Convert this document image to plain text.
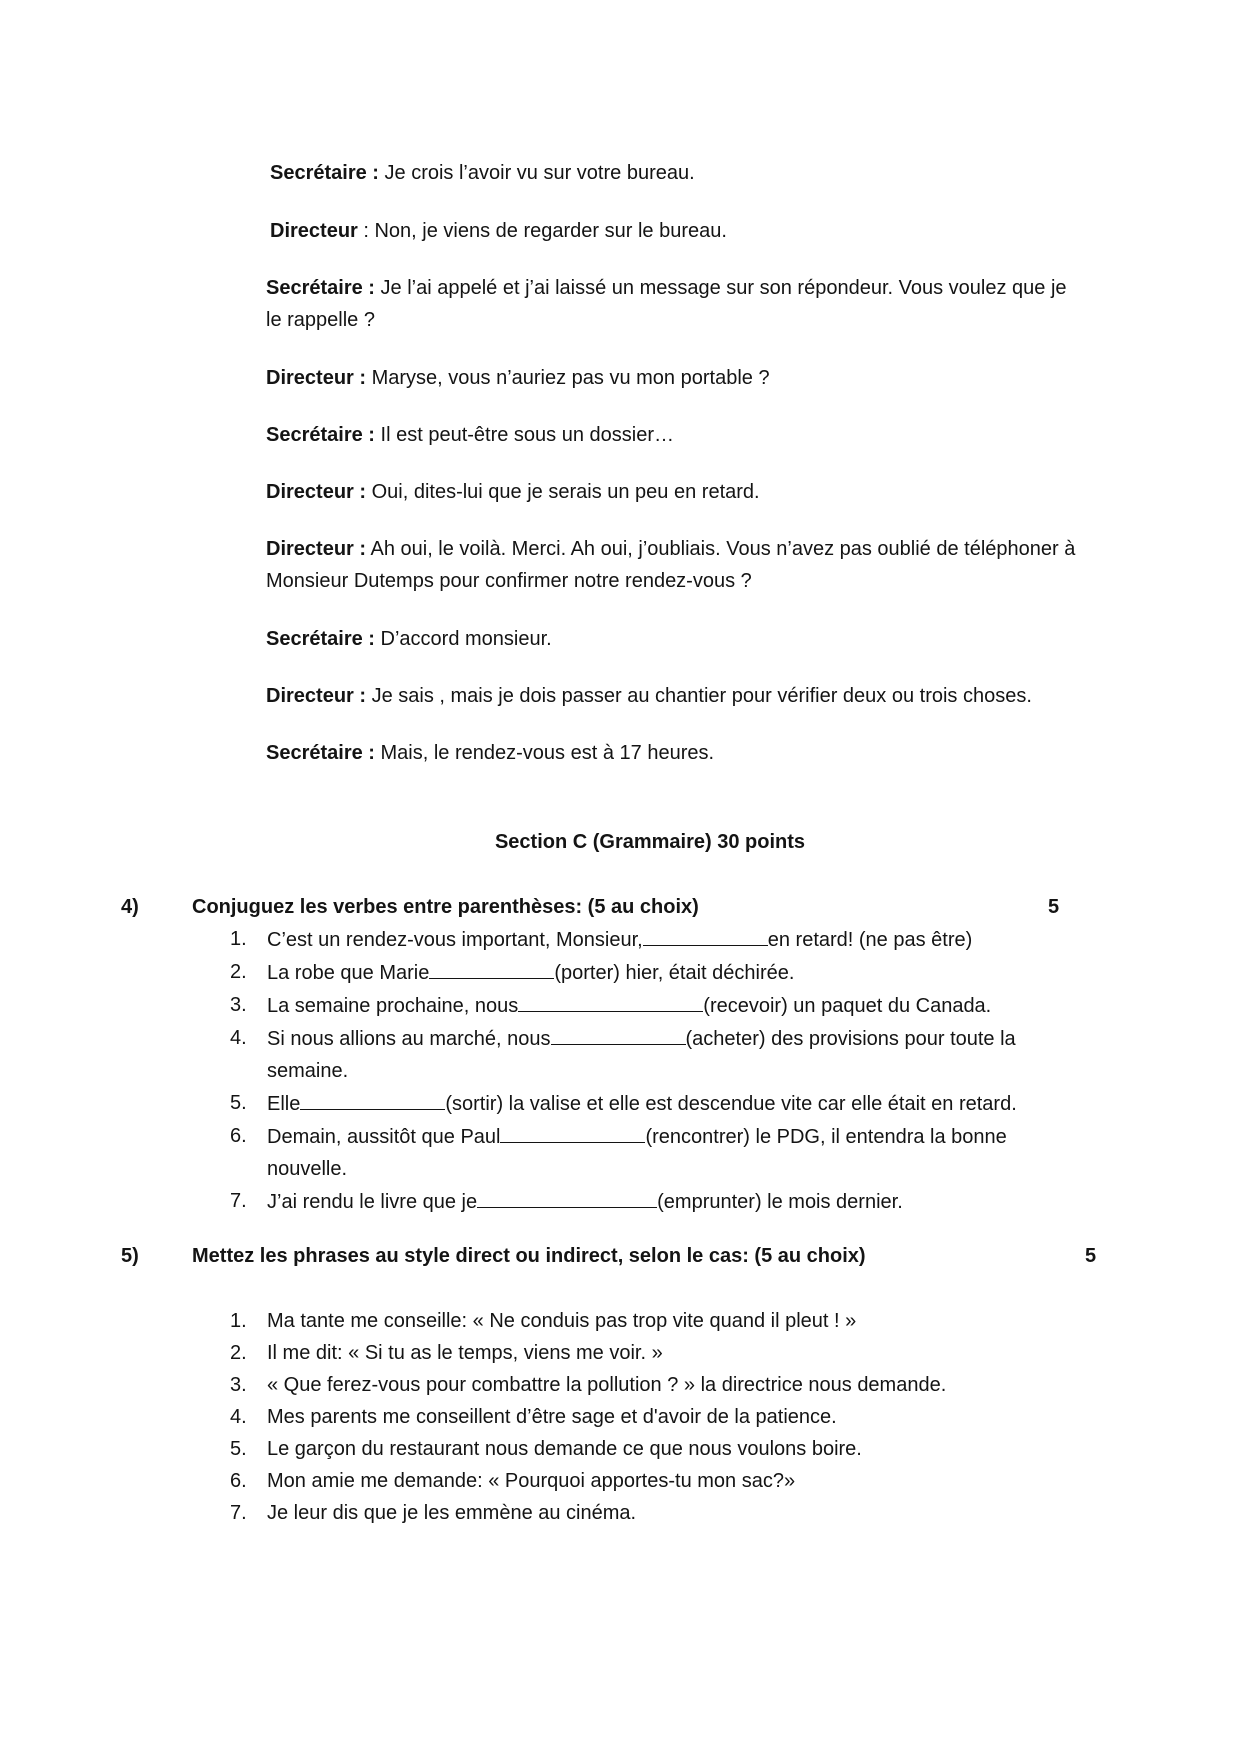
Secrétaire : Je crois l’avoir vu sur votre bureau.

Directeur : Non, je viens de regarder sur le bureau.

Secrétaire : Je l’ai appelé et j’ai laissé un message sur son répondeur. Vous voulez que je le rappelle ?

Directeur : Maryse, vous n’auriez pas vu mon portable ?

Secrétaire : Il est peut-être sous un dossier…

Directeur : Oui, dites-lui que je serais un peu en retard.

Directeur : Ah oui, le voilà. Merci. Ah oui, j’oubliais. Vous n’avez pas oublié de téléphoner à Monsieur Dutemps pour confirmer notre rendez-vous ?

Secrétaire : D’accord monsieur.

Directeur : Je sais , mais je dois passer au chantier pour vérifier deux ou trois choses.

Secrétaire : Mais, le rendez-vous est à 17 heures.

Section C (Grammaire) 30 points
4)	Conjuguez les verbes entre parenthèses: (5 au choix)	5
1. C’est un rendez-vous important, Monsieur,	en retard! (ne pas être)
2. La robe que Marie	(porter) hier, était déchirée.
3. La semaine prochaine, nous	(recevoir) un paquet du Canada.
4. Si nous allions au marché, nous	(acheter) des provisions pour toute la semaine.
5. Elle	(sortir) la valise et elle est descendue vite car elle était en retard.
6. Demain, aussitôt que Paul	(rencontrer) le PDG, il entendra la bonne nouvelle.
7. J’ai rendu le livre que je	(emprunter) le mois dernier.
5)	Mettez les phrases au style direct ou indirect, selon le cas: (5 au choix)	5
1. Ma tante me conseille: « Ne conduis pas trop vite quand il pleut ! »
2. Il me dit: « Si tu as le temps, viens me voir. »
3. « Que ferez-vous pour combattre la pollution ? » la directrice nous demande.
4. Mes parents me conseillent d’être sage et d'avoir de la patience.
5. Le garçon du restaurant nous demande ce que nous voulons boire.
6. Mon amie me demande: « Pourquoi apportes-tu mon sac?»
7. Je leur dis que je les emmène au cinéma.
